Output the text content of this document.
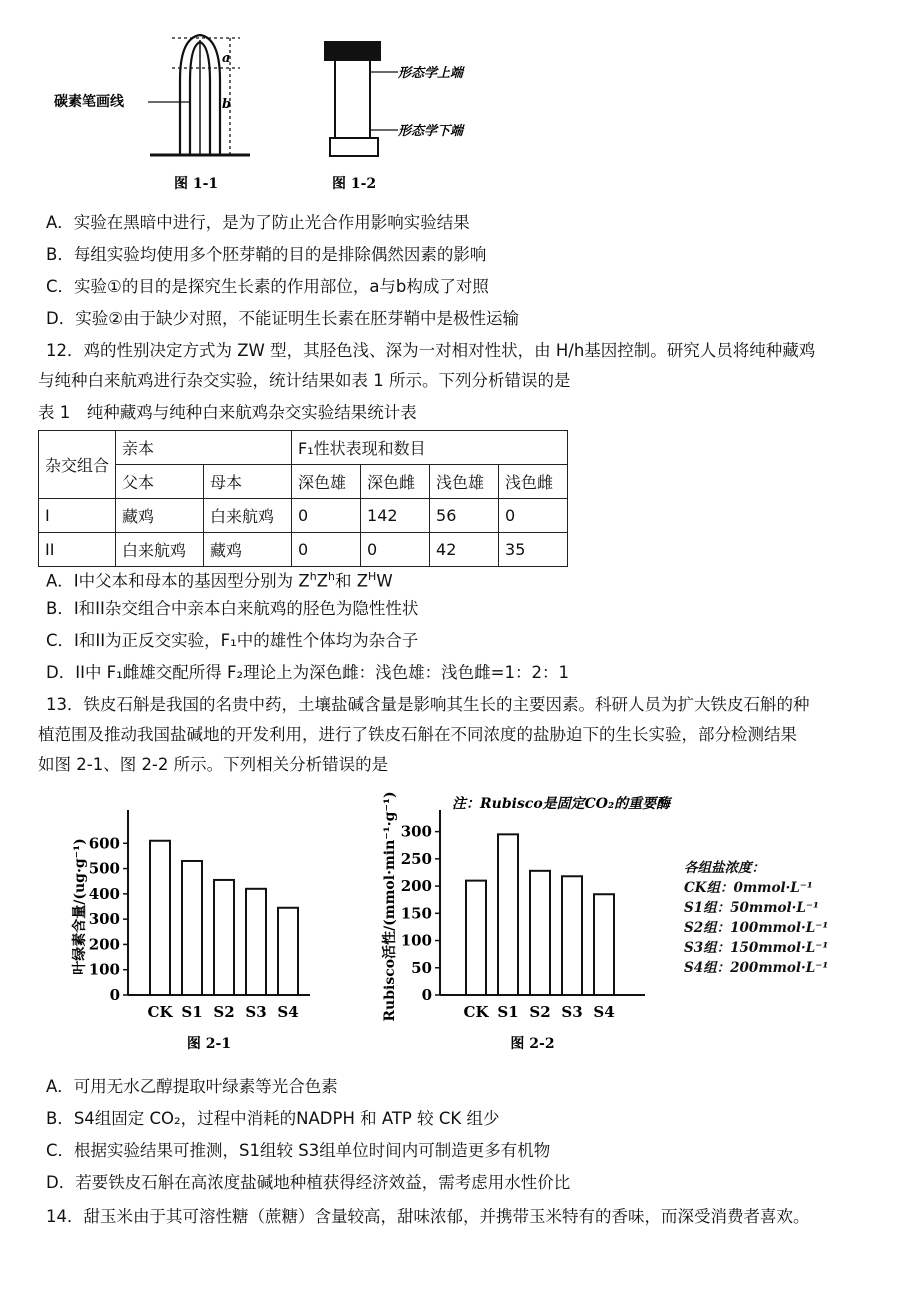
碳素笔画线
a
b
图 1-1
形态学上端
形态学下端
图 1-2
A．实验在黑暗中进行，是为了防止光合作用影响实验结果
B．每组实验均使用多个胚芽鞘的目的是排除偶然因素的影响
C．实验①的目的是探究生长素的作用部位，a与b构成了对照
D．实验②由于缺少对照，不能证明生长素在胚芽鞘中是极性运输
12．鸡的性别决定方式为 ZW 型，其胫色浅、深为一对相对性状，由 H/h基因控制。研究人员将纯种藏鸡
与纯种白来航鸡进行杂交实验，统计结果如表 1 所示。下列分析错误的是
表 1　纯种藏鸡与纯种白来航鸡杂交实验结果统计表
杂交组合	亲本		F₁性状表现和数目			
	父本	母本	深色雄	深色雌	浅色雄	浅色雌
I	藏鸡	白来航鸡	0	142	56	0
II	白来航鸡	藏鸡	0	0	42	35
A．I中父本和母本的基因型分别为 $Z^hZ^h$和 $Z^HW$
B．I和II杂交组合中亲本白来航鸡的胫色为隐性性状
C．I和II为正反交实验，F₁中的雄性个体均为杂合子
D．II中 F₁雌雄交配所得 F₂理论上为深色雌：浅色雄：浅色雌=1：2：1
13．铁皮石斛是我国的名贵中药，土壤盐碱含量是影响其生长的主要因素。科研人员为扩大铁皮石斛的种
植范围及推动我国盐碱地的开发利用，进行了铁皮石斛在不同浓度的盐胁迫下的生长实验，部分检测结果
如图 2-1、图 2-2 所示。下列相关分析错误的是
0
100
200
300
400
500
600
CK S1 S2 S3 S4
叶绿素含量/(ug·g⁻¹)
图 2-1
0
50
100
150
200
250
300
CK S1 S2 S3 S4
Rubisco活性/(mmol·min⁻¹·g⁻¹)
图 2-2
注：Rubisco是固定CO₂的重要酶
各组盐浓度：
CK组：0mmol·L⁻¹
S1组：50mmol·L⁻¹
S2组：100mmol·L⁻¹
S3组：150mmol·L⁻¹
S4组：200mmol·L⁻¹
A．可用无水乙醇提取叶绿素等光合色素
B．S4组固定 CO₂，过程中消耗的NADPH 和 ATP 较 CK 组少
C．根据实验结果可推测，S1组较 S3组单位时间内可制造更多有机物
D．若要铁皮石斛在高浓度盐碱地种植获得经济效益，需考虑用水性价比
14．甜玉米由于其可溶性糖（蔗糖）含量较高，甜味浓郁，并携带玉米特有的香味，而深受消费者喜欢。
